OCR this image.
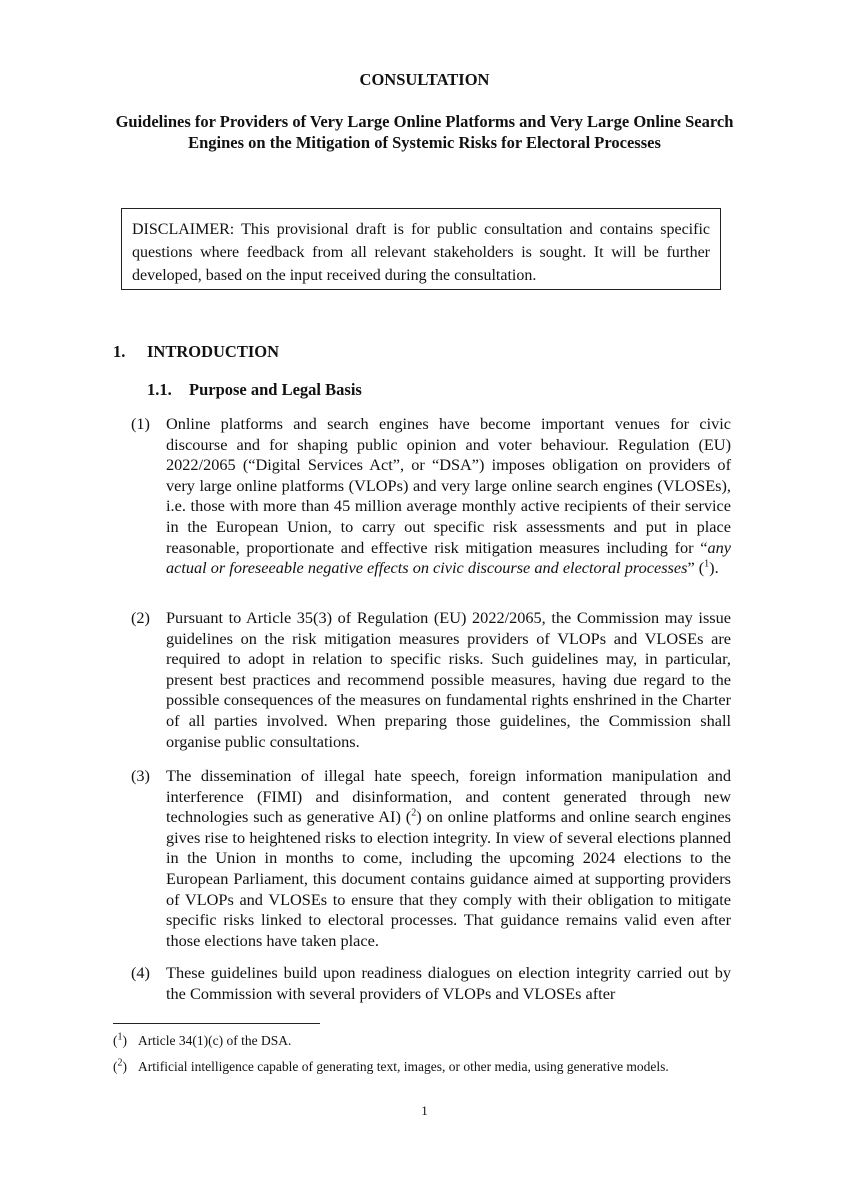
CONSULTATION
Guidelines for Providers of Very Large Online Platforms and Very Large Online Search Engines on the Mitigation of Systemic Risks for Electoral Processes
DISCLAIMER: This provisional draft is for public consultation and contains specific questions where feedback from all relevant stakeholders is sought. It will be further developed, based on the input received during the consultation.
1. INTRODUCTION
1.1. Purpose and Legal Basis
(1) Online platforms and search engines have become important venues for civic discourse and for shaping public opinion and voter behaviour. Regulation (EU) 2022/2065 (“Digital Services Act”, or “DSA”) imposes obligation on providers of very large online platforms (VLOPs) and very large online search engines (VLOSEs), i.e. those with more than 45 million average monthly active recipients of their service in the European Union, to carry out specific risk assessments and put in place reasonable, proportionate and effective risk mitigation measures including for “any actual or foreseeable negative effects on civic discourse and electoral processes” ($^1$).
(2) Pursuant to Article 35(3) of Regulation (EU) 2022/2065, the Commission may issue guidelines on the risk mitigation measures providers of VLOPs and VLOSEs are required to adopt in relation to specific risks. Such guidelines may, in particular, present best practices and recommend possible measures, having due regard to the possible consequences of the measures on fundamental rights enshrined in the Charter of all parties involved. When preparing those guidelines, the Commission shall organise public consultations.
(3) The dissemination of illegal hate speech, foreign information manipulation and interference (FIMI) and disinformation, and content generated through new technologies such as generative AI) ($^2$) on online platforms and online search engines gives rise to heightened risks to election integrity. In view of several elections planned in the Union in months to come, including the upcoming 2024 elections to the European Parliament, this document contains guidance aimed at supporting providers of VLOPs and VLOSEs to ensure that they comply with their obligation to mitigate specific risks linked to electoral processes. That guidance remains valid even after those elections have taken place.
(4) These guidelines build upon readiness dialogues on election integrity carried out by the Commission with several providers of VLOPs and VLOSEs after
($^1$) Article 34(1)(c) of the DSA.
($^2$) Artificial intelligence capable of generating text, images, or other media, using generative models.
1
